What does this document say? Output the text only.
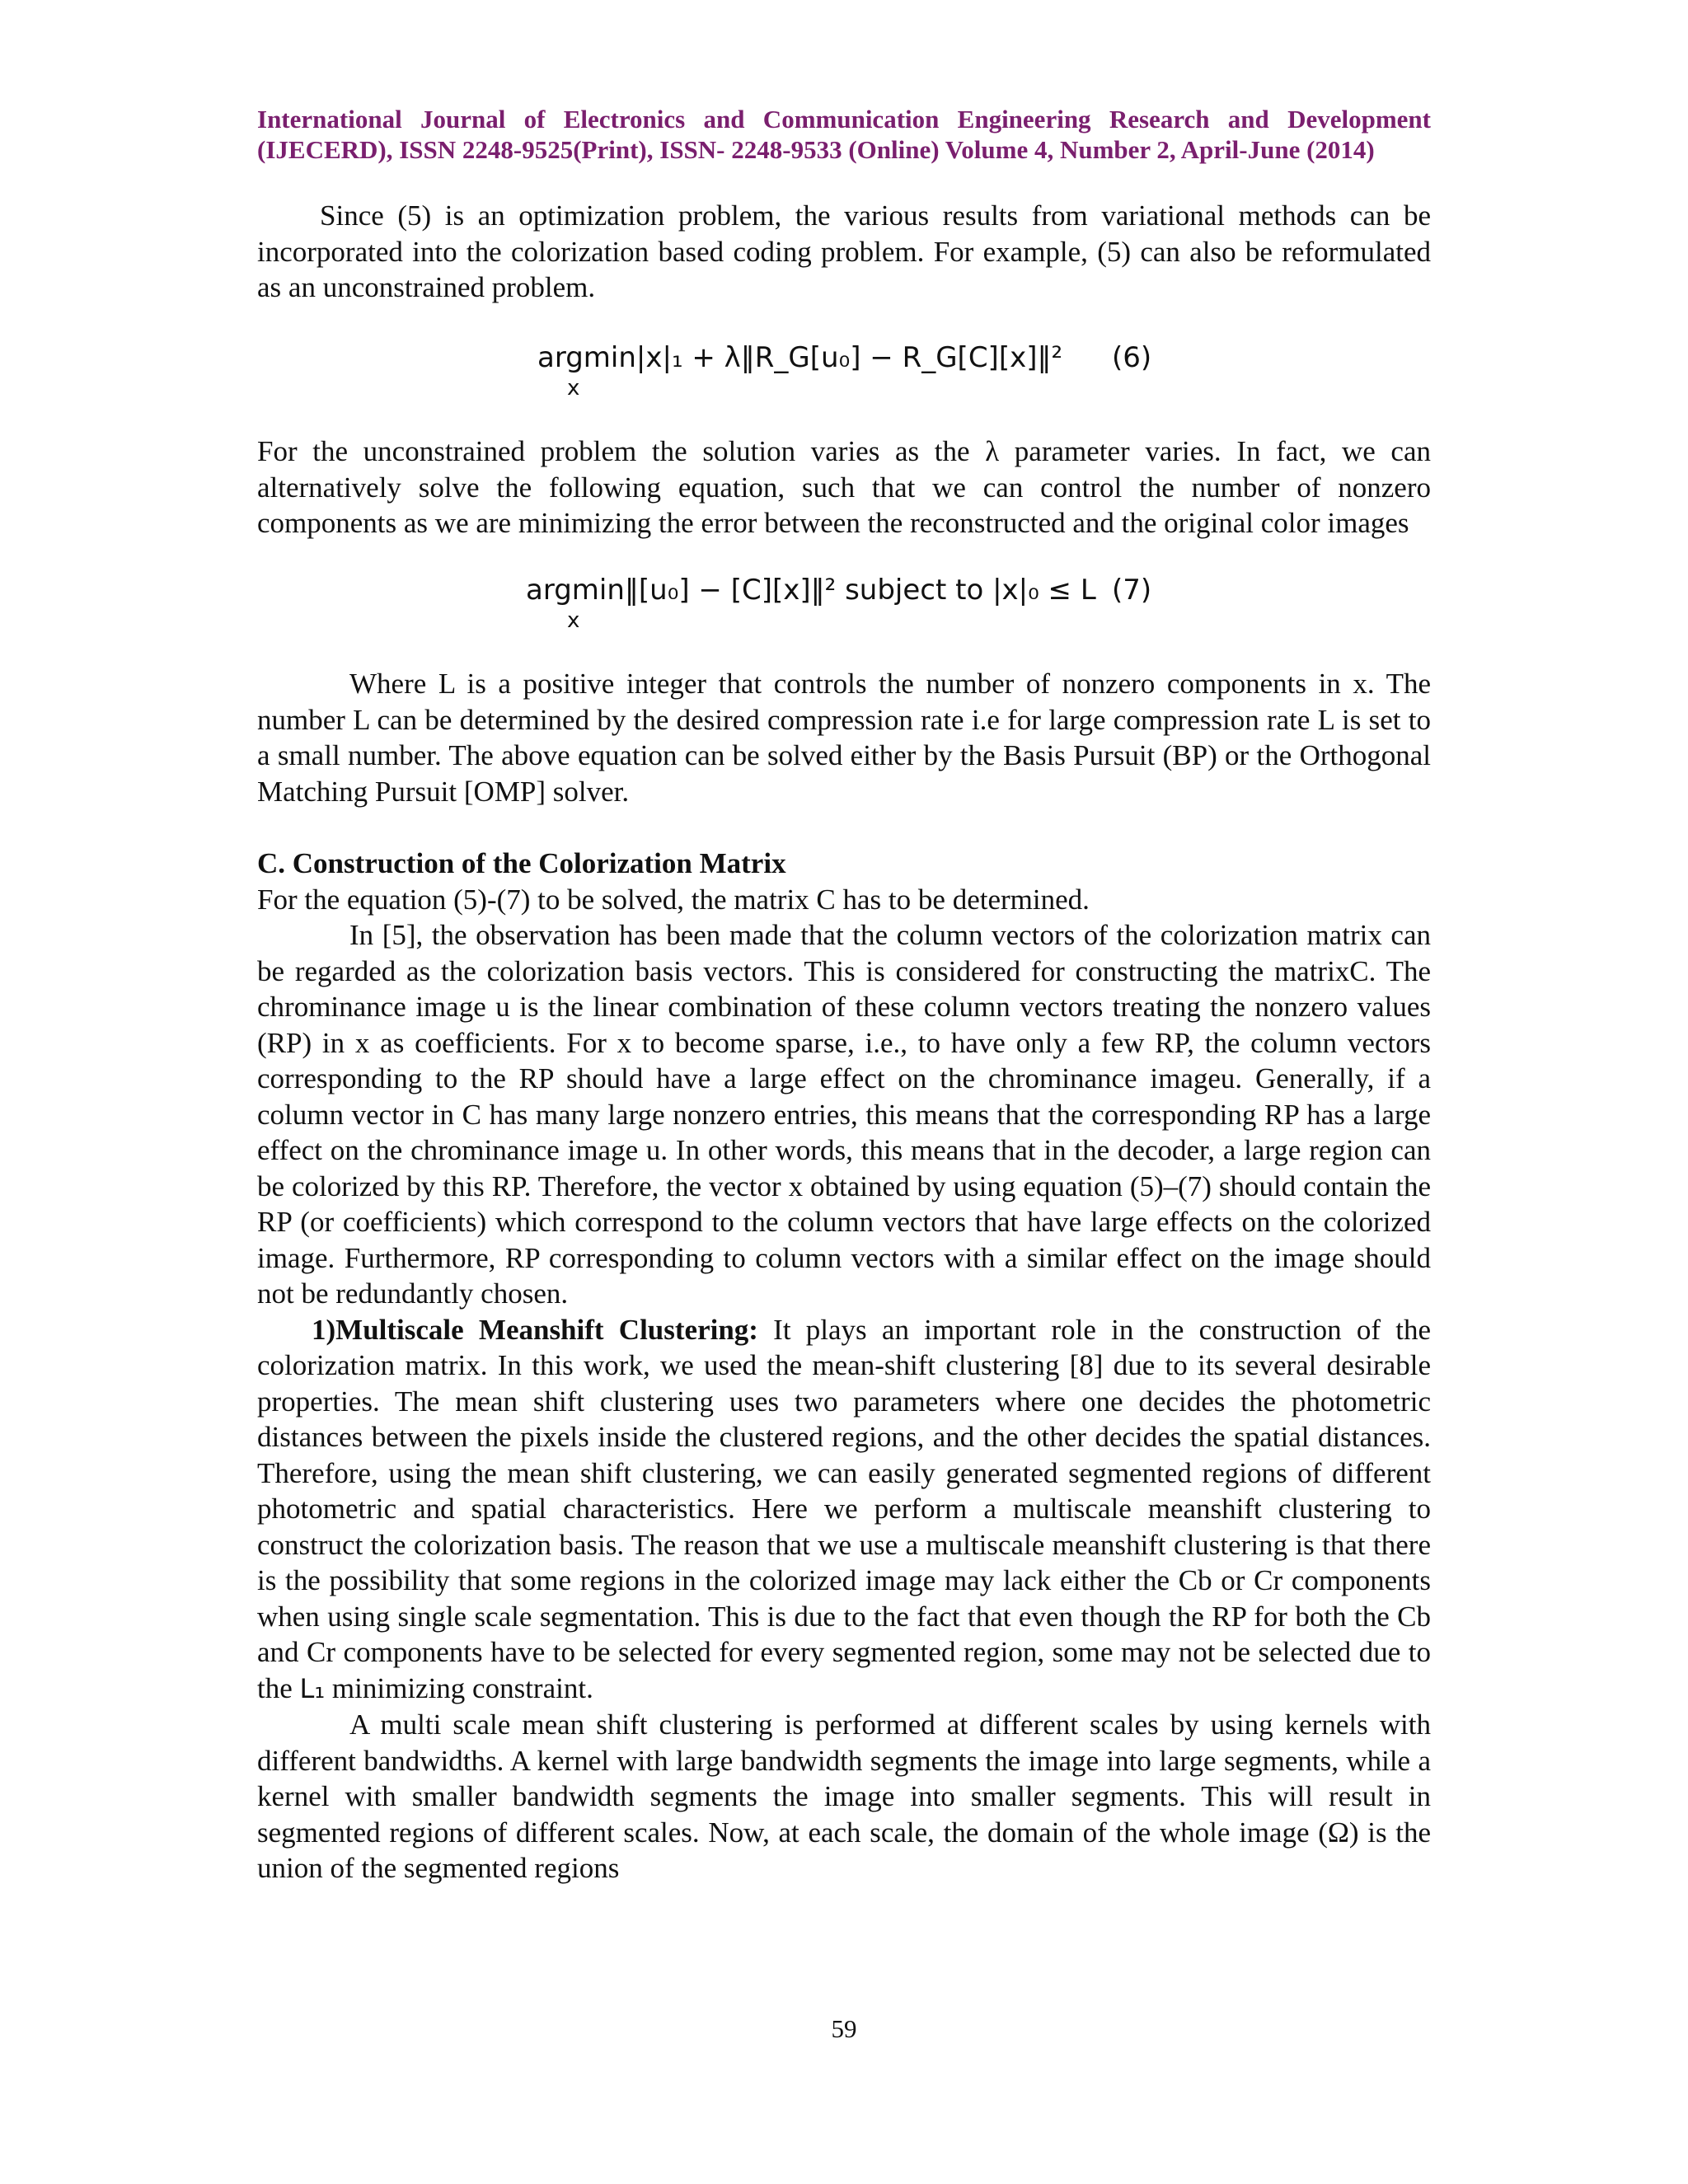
International Journal of Electronics and Communication Engineering Research and Development
(IJECERD), ISSN 2248-9525(Print), ISSN- 2248-9533 (Online) Volume 4, Number 2, April-June (2014)

Since (5) is an optimization problem, the various results from variational methods can be incorporated into the colorization based coding problem. For example, (5) can also be reformulated as an unconstrained problem.

argmin|x|₁ + λ‖R_G[u₀] − R_G[C][x]‖²
x
(6)

For the unconstrained problem the solution varies as the λ parameter varies. In fact, we can alternatively solve the following equation, such that we can control the number of nonzero components as we are minimizing the error between the reconstructed and the original color images

argmin‖[u₀] − [C][x]‖² subject to |x|₀ ≤ L
x
(7)

Where L is a positive integer that controls the number of nonzero components in x. The number L can be determined by the desired compression rate i.e for large compression rate L is set to a small number. The above equation can be solved either by the Basis Pursuit (BP) or the Orthogonal Matching Pursuit [OMP] solver.

C. Construction of the Colorization Matrix

For the equation (5)-(7) to be solved, the matrix C has to be determined.

In [5], the observation has been made that the column vectors of the colorization matrix can be regarded as the colorization basis vectors. This is considered for constructing the matrixC. The chrominance image u is the linear combination of these column vectors treating the nonzero values (RP) in x as coefficients. For x to become sparse, i.e., to have only a few RP, the column vectors corresponding to the RP should have a large effect on the chrominance imageu. Generally, if a column vector in C has many large nonzero entries, this means that the corresponding RP has a large effect on the chrominance image u. In other words, this means that in the decoder, a large region can be colorized by this RP. Therefore, the vector x obtained by using equation (5)–(7) should contain the RP (or coefficients) which correspond to the column vectors that have large effects on the colorized image. Furthermore, RP corresponding to column vectors with a similar effect on the image should not be redundantly chosen.

1)Multiscale Meanshift Clustering: It plays an important role in the construction of the colorization matrix. In this work, we used the mean-shift clustering [8] due to its several desirable properties. The mean shift clustering uses two parameters where one decides the photometric distances between the pixels inside the clustered regions, and the other decides the spatial distances. Therefore, using the mean shift clustering, we can easily generated segmented regions of different photometric and spatial characteristics. Here we perform a multiscale meanshift clustering to construct the colorization basis. The reason that we use a multiscale meanshift clustering is that there is the possibility that some regions in the colorized image may lack either the Cb or Cr components when using single scale segmentation. This is due to the fact that even though the RP for both the Cb and Cr components have to be selected for every segmented region, some may not be selected due to the L₁ minimizing constraint.

A multi scale mean shift clustering is performed at different scales by using kernels with different bandwidths. A kernel with large bandwidth segments the image into large segments, while a kernel with smaller bandwidth segments the image into smaller segments. This will result in segmented regions of different scales. Now, at each scale, the domain of the whole image (Ω) is the union of the segmented regions

59
